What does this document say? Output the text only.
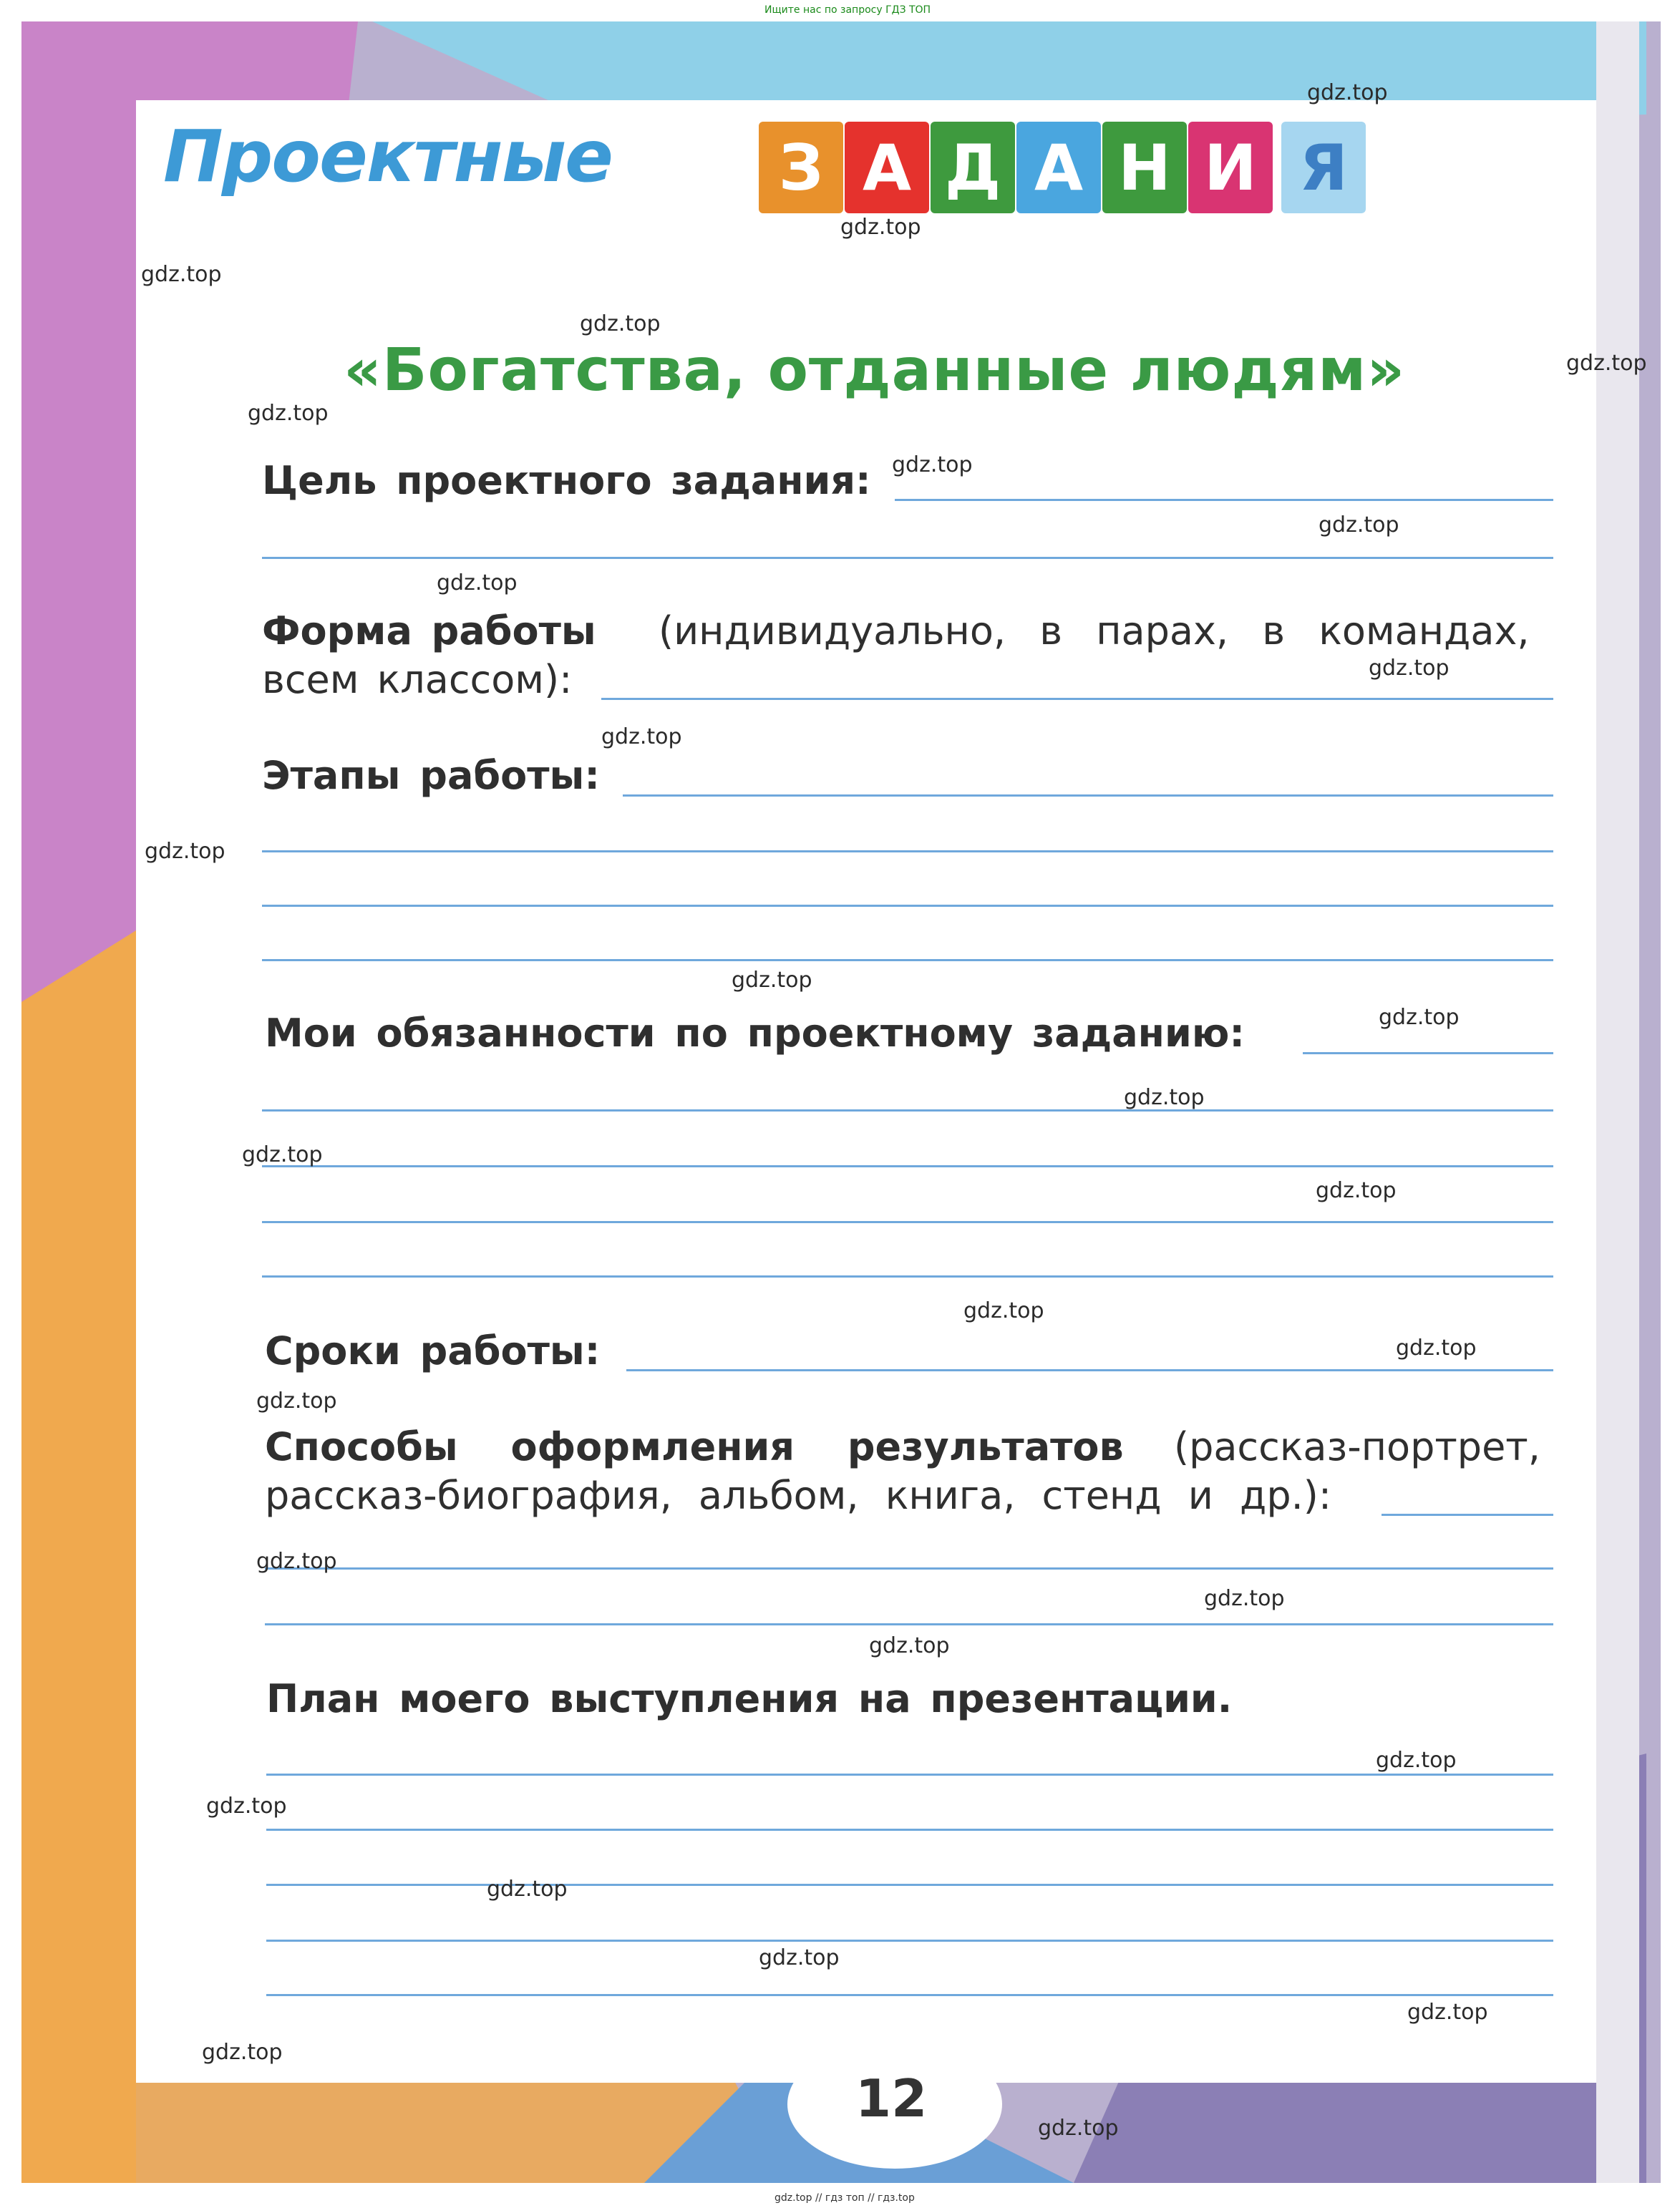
Ищите нас по запросу ГДЗ ТОП
Проектные	З А Д А Н И Я
«Богатства, отданные людям»
Цель проектного задания:
Форма работы (индивидуально, в парах, в командах,
всем классом):
Этапы работы:
Мои обязанности по проектному заданию:
Сроки работы:
Способы оформления результатов (рассказ-портрет,
рассказ-биография, альбом, книга, стенд и др.):
План моего выступления на презентации.
12
gdz.top
gdz.top
gdz.top
gdz.top
gdz.top
gdz.top
gdz.top
gdz.top
gdz.top
gdz.top
gdz.top
gdz.top
gdz.top
gdz.top
gdz.top
gdz.top
gdz.top
gdz.top
gdz.top
gdz.top
gdz.top
gdz.top
gdz.top
gdz.top
gdz.top
gdz.top
gdz.top
gdz.top
gdz.top
gdz.top
gdz.top // гдз топ // гдз.top
